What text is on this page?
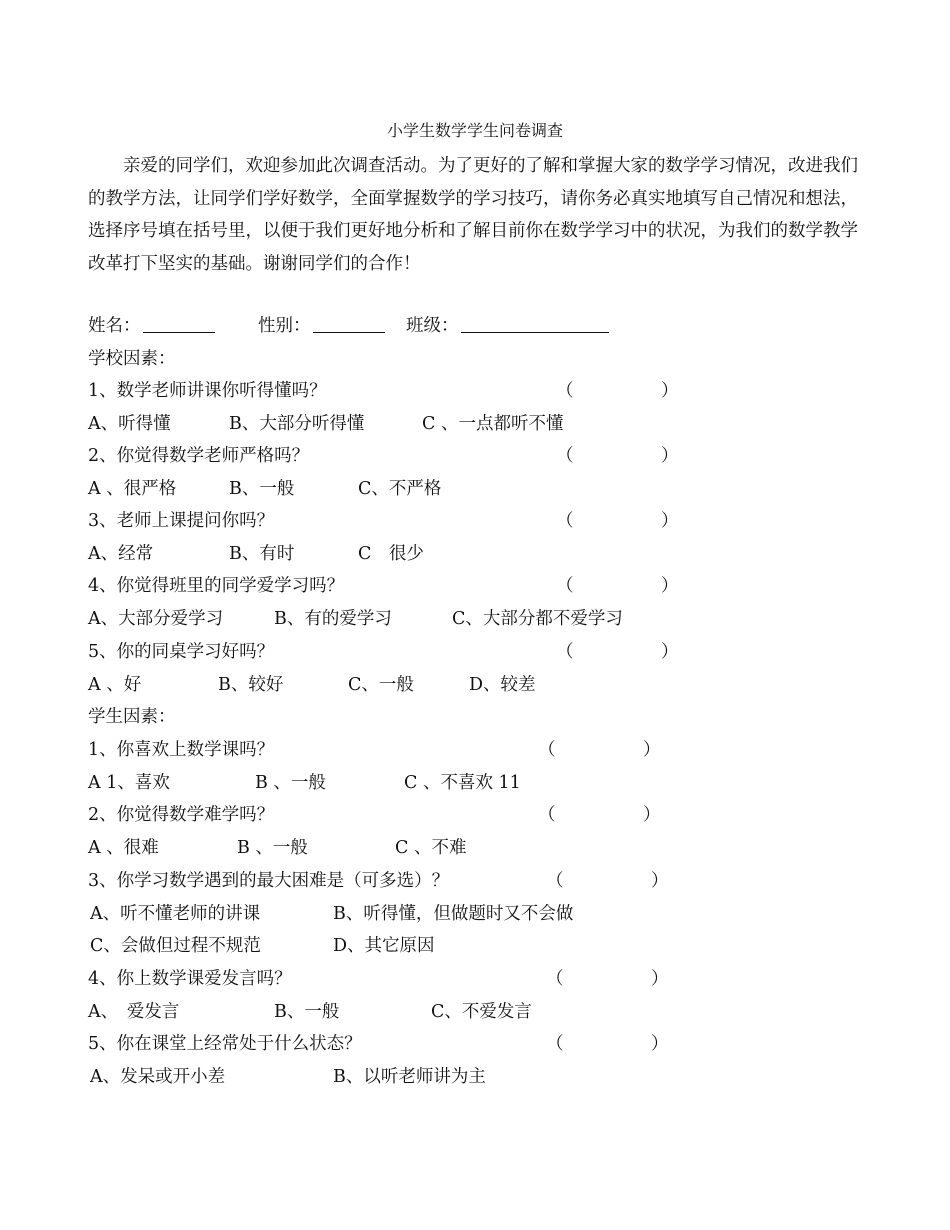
小学生数学学生问卷调查

亲爱的同学们，欢迎参加此次调查活动。为了更好的了解和掌握大家的数学学习情况，改进我们的教学方法，让同学们学好数学，全面掌握数学的学习技巧，请你务必真实地填写自己情况和想法，选择序号填在括号里，以便于我们更好地分析和了解目前你在数学学习中的状况，为我们的数学教学改革打下坚实的基础。谢谢同学们的合作！

姓名：	性别：	班级：
学校因素：
1、数学老师讲课你听得懂吗？	（　　　　　）
A、听得懂	B、大部分听得懂	C 、一点都听不懂
2、你觉得数学老师严格吗？	（　　　　　）
A 、很严格	B、一般	C、不严格
3、老师上课提问你吗？	（　　　　　）
A、经常	B、有时	C　很少
4、你觉得班里的同学爱学习吗？	（　　　　　）
A、大部分爱学习	B、有的爱学习	C、大部分都不爱学习
5、你的同桌学习好吗？	（　　　　　）
A 、好	B、较好	C、一般	D、较差
学生因素：
1、你喜欢上数学课吗？	（　　　　　）
A 1、喜欢	B 、一般	C 、不喜欢 11
2、你觉得数学难学吗？	（　　　　　）
A 、很难	B 、一般	C 、不难
3、你学习数学遇到的最大困难是（可多选）？	（　　　　　）
A、听不懂老师的讲课	B、听得懂，但做题时又不会做
C、会做但过程不规范	D、其它原因
4、你上数学课爱发言吗？	（　　　　　）
A、　爱发言	B、一般	C、不爱发言
5、你在课堂上经常处于什么状态？	（　　　　　）
A、发呆或开小差	B、以听老师讲为主
